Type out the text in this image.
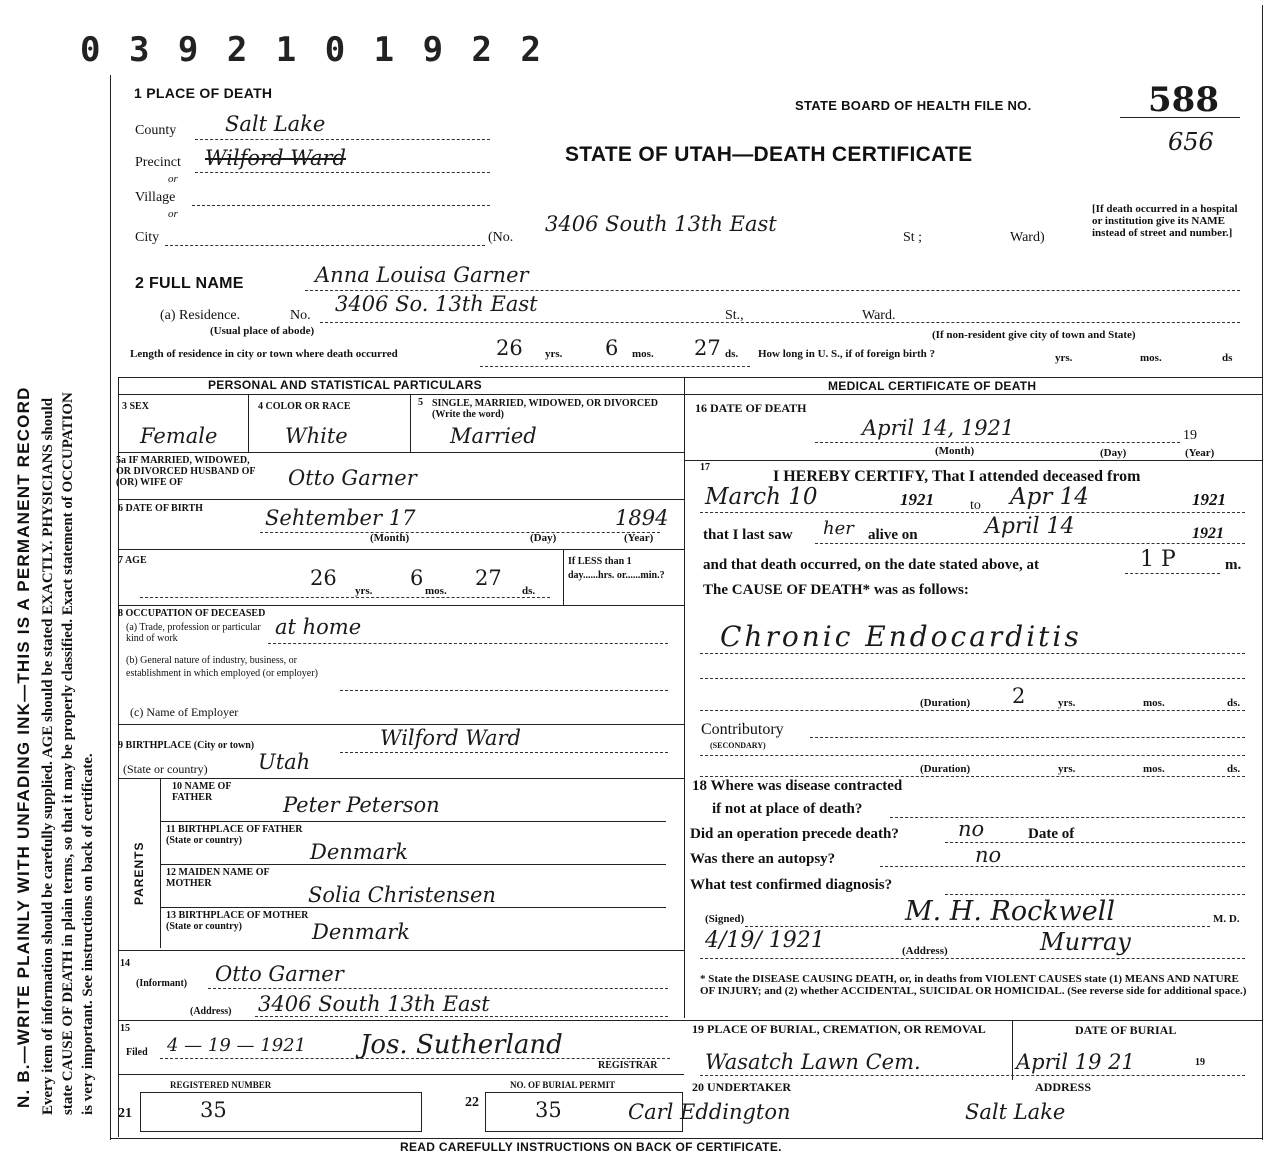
0 3 9 2 1 0 1 9 2 2
N. B.—WRITE PLAINLY WITH UNFADING INK—THIS IS A PERMANENT RECORD Every item of information should be carefully supplied. AGE should be stated EXACTLY. PHYSICIANS should state CAUSE OF DEATH in plain terms, so that it may be properly classified. Exact statement of OCCUPATION is very important. See instructions on back of certificate.
1 PLACE OF DEATH
STATE BOARD OF HEALTH FILE NO.	588
656
STATE OF UTAH—DEATH CERTIFICATE
County Salt Lake
Precinct Wilford Ward
or
Village
or
City	(No.
3406 South 13th East
St ;	Ward)
[If death occurred in a hospital or institution give its NAME instead of street and number.]
2 FULL NAME	Anna Louisa Garner
(a) Residence.	No. 3406 So. 13th East	St.,	Ward.
(Usual place of abode)	(If non-resident give city of town and State)
Length of residence in city or town where death occurred	26 yrs. 6 mos. 27 ds. How long in U. S., if of foreign birth ?	yrs.	mos.	ds
PERSONAL AND STATISTICAL PARTICULARS	MEDICAL CERTIFICATE OF DEATH
3 SEX
Female
4 COLOR OR RACE
White
5 SINGLE, MARRIED, WIDOWED, OR DIVORCED (Write the word)
Married
5a IF MARRIED, WIDOWED, OR DIVORCED HUSBAND OF (OR) WIFE OF	Otto Garner
6 DATE OF BIRTH	Sehtember 17	1894
(Month)	(Day)	(Year)
7 AGE
26
yrs.
6
mos.
27
ds.
If LESS than 1 day......hrs. or......min.?
8 OCCUPATION OF DECEASED
(a) Trade, profession or particular kind of work	at home
(b) General nature of industry, business, or establishment in which employed (or employer)
(c) Name of Employer
9 BIRTHPLACE (City or town)	Wilford Ward
(State or country) Utah
PARENTS
10 NAME OF FATHER	Peter Peterson
11 BIRTHPLACE OF FATHER (State or country)	Denmark
12 MAIDEN NAME OF MOTHER	Solia Christensen
13 BIRTHPLACE OF MOTHER (State or country)	Denmark
14
(Informant) Otto Garner
(Address) 3406 South 13th East
15
Filed 4 — 19 — 1921 Jos. Sutherland
REGISTRAR
REGISTERED NUMBER	NO. OF BURIAL PERMIT
21	35	22	35
16 DATE OF DEATH
April 14, 1921	19
(Month)	(Day)	(Year)
17
I HEREBY CERTIFY, That I attended deceased from
March 10	1921	to Apr 14	1921
that I last saw her alive on	April 14	1921
and that death occurred, on the date stated above, at	1 P	m.
The CAUSE OF DEATH* was as follows:
Chronic Endocarditis
(Duration) 2	yrs.	mos.	ds.
Contributory
(SECONDARY)
(Duration)	yrs.	mos.	ds.
18 Where was disease contracted
if not at place of death?
Did an operation precede death?	no	Date of
Was there an autopsy?	no
What test confirmed diagnosis?
(Signed)	M. H. Rockwell	M. D.
4/19/ 1921	(Address)	Murray
* State the DISEASE CAUSING DEATH, or, in deaths from VIOLENT CAUSES state (1) MEANS AND NATURE OF INJURY; and (2) whether ACCIDENTAL, SUICIDAL OR HOMICIDAL. (See reverse side for additional space.)
19 PLACE OF BURIAL, CREMATION, OR REMOVAL	DATE OF BURIAL
Wasatch Lawn Cem.	April 19 21	19
20 UNDERTAKER	ADDRESS
Carl Eddington	Salt Lake
READ CAREFULLY INSTRUCTIONS ON BACK OF CERTIFICATE.
